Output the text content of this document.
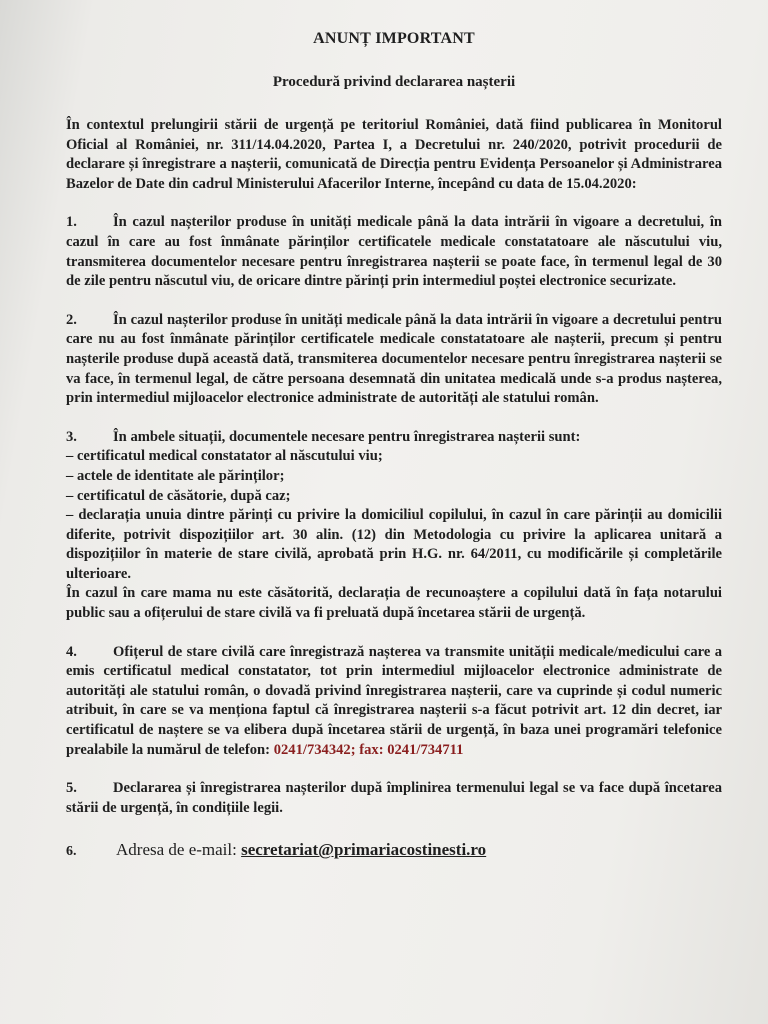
ANUNȚ IMPORTANT
Procedură privind declararea nașterii

În contextul prelungirii stării de urgență pe teritoriul României, dată fiind publicarea în Monitorul Oficial al României, nr. 311/14.04.2020, Partea I, a Decretului nr. 240/2020, potrivit procedurii de declarare și înregistrare a nașterii, comunicată de Direcția pentru Evidența Persoanelor și Administrarea Bazelor de Date din cadrul Ministerului Afacerilor Interne, începând cu data de 15.04.2020:

1. În cazul nașterilor produse în unități medicale până la data intrării în vigoare a decretului, în cazul în care au fost înmânate părinților certificatele medicale constatatoare ale născutului viu, transmiterea documentelor necesare pentru înregistrarea nașterii se poate face, în termenul legal de 30 de zile pentru născutul viu, de oricare dintre părinți prin intermediul poștei electronice securizate.

2. În cazul nașterilor produse în unități medicale până la data intrării în vigoare a decretului pentru care nu au fost înmânate părinților certificatele medicale constatatoare ale nașterii, precum și pentru nașterile produse după această dată, transmiterea documentelor necesare pentru înregistrarea nașterii se va face, în termenul legal, de către persoana desemnată din unitatea medicală unde s-a produs nașterea, prin intermediul mijloacelor electronice administrate de autorități ale statului român.

3. În ambele situații, documentele necesare pentru înregistrarea nașterii sunt:

– certificatul medical constatator al născutului viu;

– actele de identitate ale părinților;

– certificatul de căsătorie, după caz;

– declarația unuia dintre părinți cu privire la domiciliul copilului, în cazul în care părinții au domicilii diferite, potrivit dispozițiilor art. 30 alin. (12) din Metodologia cu privire la aplicarea unitară a dispozițiilor în materie de stare civilă, aprobată prin H.G. nr. 64/2011, cu modificările și completările ulterioare.

În cazul în care mama nu este căsătorită, declarația de recunoaștere a copilului dată în fața notarului public sau a ofițerului de stare civilă va fi preluată după încetarea stării de urgență.

4. Ofițerul de stare civilă care înregistrază nașterea va transmite unității medicale/medicului care a emis certificatul medical constatator, tot prin intermediul mijloacelor electronice administrate de autorități ale statului român, o dovadă privind înregistrarea nașterii, care va cuprinde și codul numeric atribuit, în care se va menționa faptul că înregistrarea nașterii s-a făcut potrivit art. 12 din decret, iar certificatul de naștere se va elibera după încetarea stării de urgență, în baza unei programări telefonice prealabile la numărul de telefon: 0241/734342; fax: 0241/734711

5. Declararea și înregistrarea nașterilor după împlinirea termenului legal se va face după încetarea stării de urgență, în condițiile legii.

6. Adresa de e-mail: secretariat@primariacostinesti.ro
